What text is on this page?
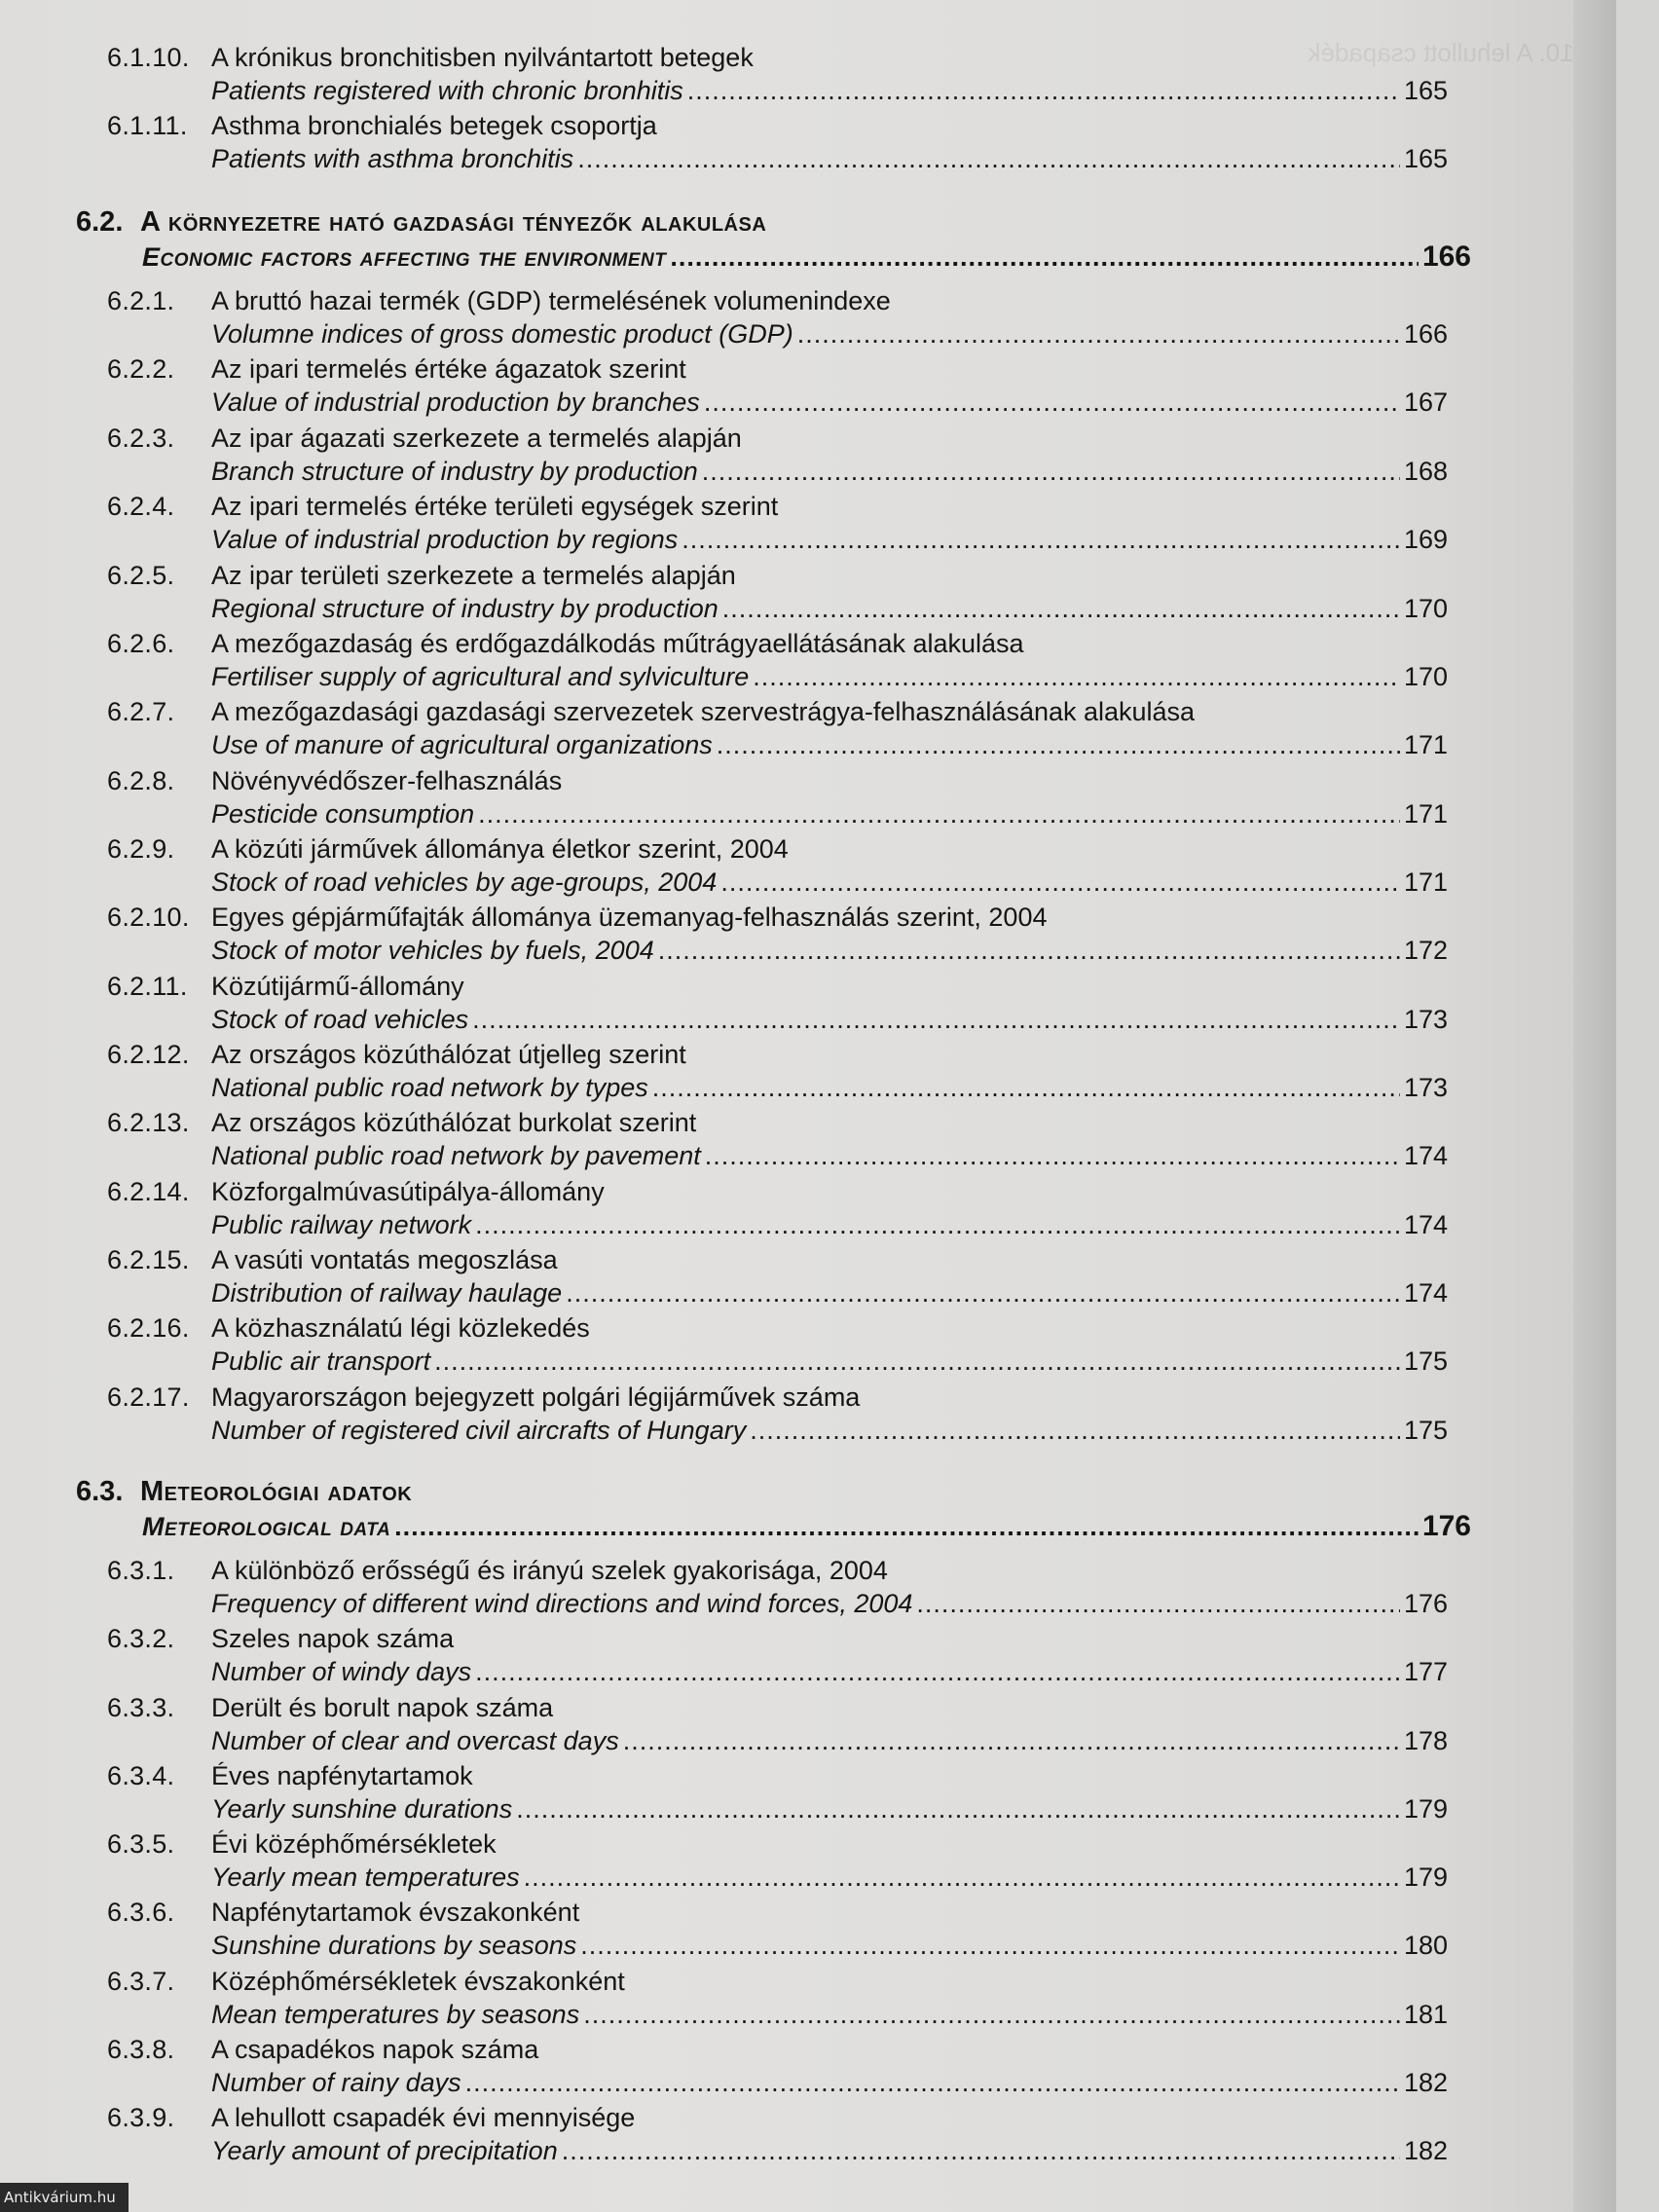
6.3.10. A lehullott csapadék
6.1.10. A krónikus bronchitisben nyilvántartott betegek
Patients registered with chronic bronhitis .....	165
6.1.11. Asthma bronchialés betegek csoportja
Patients with asthma bronchitis .....	165
6.2. A környezetre ható gazdasági tényezők alakulása
Economic factors affecting the environment .....	166
6.2.1. A bruttó hazai termék (GDP) termelésének volumenindexe
Volumne indices of gross domestic product (GDP) .....	166
6.2.2. Az ipari termelés értéke ágazatok szerint
Value of industrial production by branches .....	167
6.2.3. Az ipar ágazati szerkezete a termelés alapján
Branch structure of industry by production .....	168
6.2.4. Az ipari termelés értéke területi egységek szerint
Value of industrial production by regions .....	169
6.2.5. Az ipar területi szerkezete a termelés alapján
Regional structure of industry by production .....	170
6.2.6. A mezőgazdaság és erdőgazdálkodás műtrágyaellátásának alakulása
Fertiliser supply of agricultural and sylviculture .....	170
6.2.7. A mezőgazdasági gazdasági szervezetek szervestrágya-felhasználásának alakulása
Use of manure of agricultural organizations .....	171
6.2.8. Növényvédőszer-felhasználás
Pesticide consumption .....	171
6.2.9. A közúti járművek állománya életkor szerint, 2004
Stock of road vehicles by age-groups, 2004 .....	171
6.2.10. Egyes gépjárműfajták állománya üzemanyag-felhasználás szerint, 2004
Stock of motor vehicles by fuels, 2004 .....	172
6.2.11. Közútijármű-állomány
Stock of road vehicles .....	173
6.2.12. Az országos közúthálózat útjelleg szerint
National public road network by types .....	173
6.2.13. Az országos közúthálózat burkolat szerint
National public road network by pavement .....	174
6.2.14. Közforgalmúvasútipálya-állomány
Public railway network .....	174
6.2.15. A vasúti vontatás megoszlása
Distribution of railway haulage .....	174
6.2.16. A közhasználatú légi közlekedés
Public air transport .....	175
6.2.17. Magyarországon bejegyzett polgári légijárművek száma
Number of registered civil aircrafts of Hungary .....	175
6.3. Meteorológiai adatok
Meteorological data .....	176
6.3.1. A különböző erősségű és irányú szelek gyakorisága, 2004
Frequency of different wind directions and wind forces, 2004 .....	176
6.3.2. Szeles napok száma
Number of windy days .....	177
6.3.3. Derült és borult napok száma
Number of clear and overcast days .....	178
6.3.4. Éves napfénytartamok
Yearly sunshine durations .....	179
6.3.5. Évi középhőmérsékletek
Yearly mean temperatures .....	179
6.3.6. Napfénytartamok évszakonként
Sunshine durations by seasons .....	180
6.3.7. Középhőmérsékletek évszakonként
Mean temperatures by seasons .....	181
6.3.8. A csapadékos napok száma
Number of rainy days .....	182
6.3.9. A lehullott csapadék évi mennyisége
Yearly amount of precipitation .....	182
Antikvárium.hu
